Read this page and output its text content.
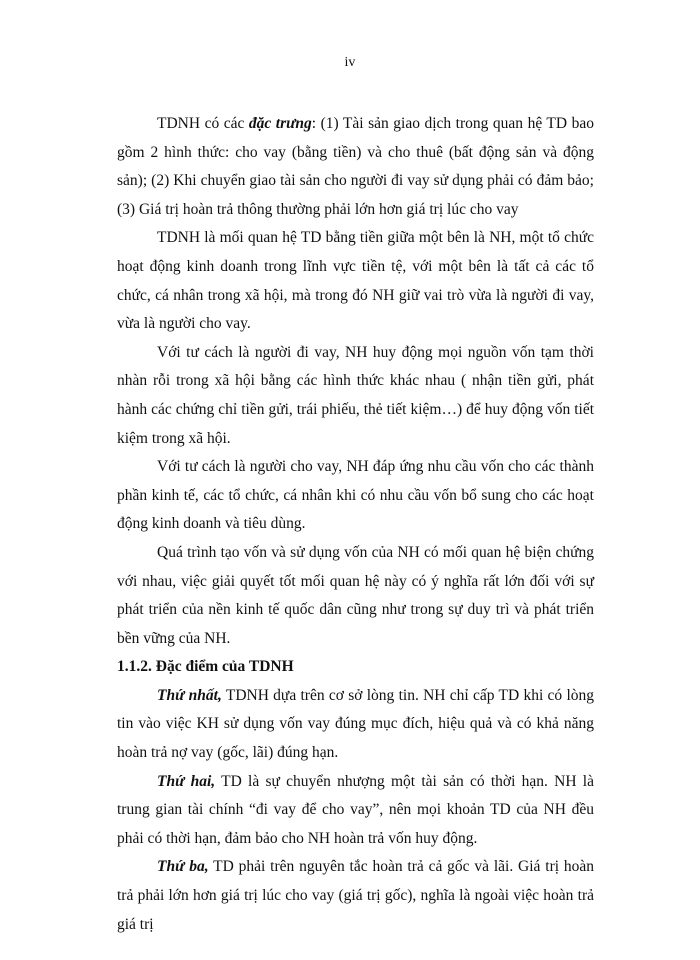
iv

TDNH có các đặc trưng: (1) Tài sản giao dịch trong quan hệ TD bao gồm 2 hình thức: cho vay (bằng tiền) và cho thuê (bất động sản và động sản); (2) Khi chuyển giao tài sản cho người đi vay sử dụng phải có đảm bảo; (3) Giá trị hoàn trả thông thường phải lớn hơn giá trị lúc cho vay

TDNH là mối quan hệ TD bằng tiền giữa một bên là NH, một tổ chức hoạt động kinh doanh trong lĩnh vực tiền tệ, với một bên là tất cả các tổ chức, cá nhân trong xã hội, mà trong đó NH giữ vai trò vừa là người đi vay, vừa là người cho vay.

Với tư cách là người đi vay, NH huy động mọi nguồn vốn tạm thời nhàn rỗi trong xã hội bằng các hình thức khác nhau ( nhận tiền gửi, phát hành các chứng chỉ tiền gửi, trái phiếu, thẻ tiết kiệm…) để huy động vốn tiết kiệm trong xã hội.

Với tư cách là người cho vay, NH đáp ứng nhu cầu vốn cho các thành phần kinh tế, các tổ chức, cá nhân khi có nhu cầu vốn bổ sung cho các hoạt động kinh doanh và tiêu dùng.

Quá trình tạo vốn và sử dụng vốn của NH có mối quan hệ biện chứng với nhau, việc giải quyết tốt mối quan hệ này có ý nghĩa rất lớn đối với sự phát triển của nền kinh tế quốc dân cũng như trong sự duy trì và phát triển bền vững của NH.

1.1.2. Đặc điểm của TDNH

Thứ nhất, TDNH dựa trên cơ sở lòng tin. NH chỉ cấp TD khi có lòng tin vào việc KH sử dụng vốn vay đúng mục đích, hiệu quả và có khả năng hoàn trả nợ vay (gốc, lãi) đúng hạn.

Thứ hai, TD là sự chuyển nhượng một tài sản có thời hạn. NH là trung gian tài chính “đi vay để cho vay”, nên mọi khoản TD của NH đều phải có thời hạn, đảm bảo cho NH hoàn trả vốn huy động.

Thứ ba, TD phải trên nguyên tắc hoàn trả cả gốc và lãi. Giá trị hoàn trả phải lớn hơn giá trị lúc cho vay (giá trị gốc), nghĩa là ngoài việc hoàn trả giá trị
